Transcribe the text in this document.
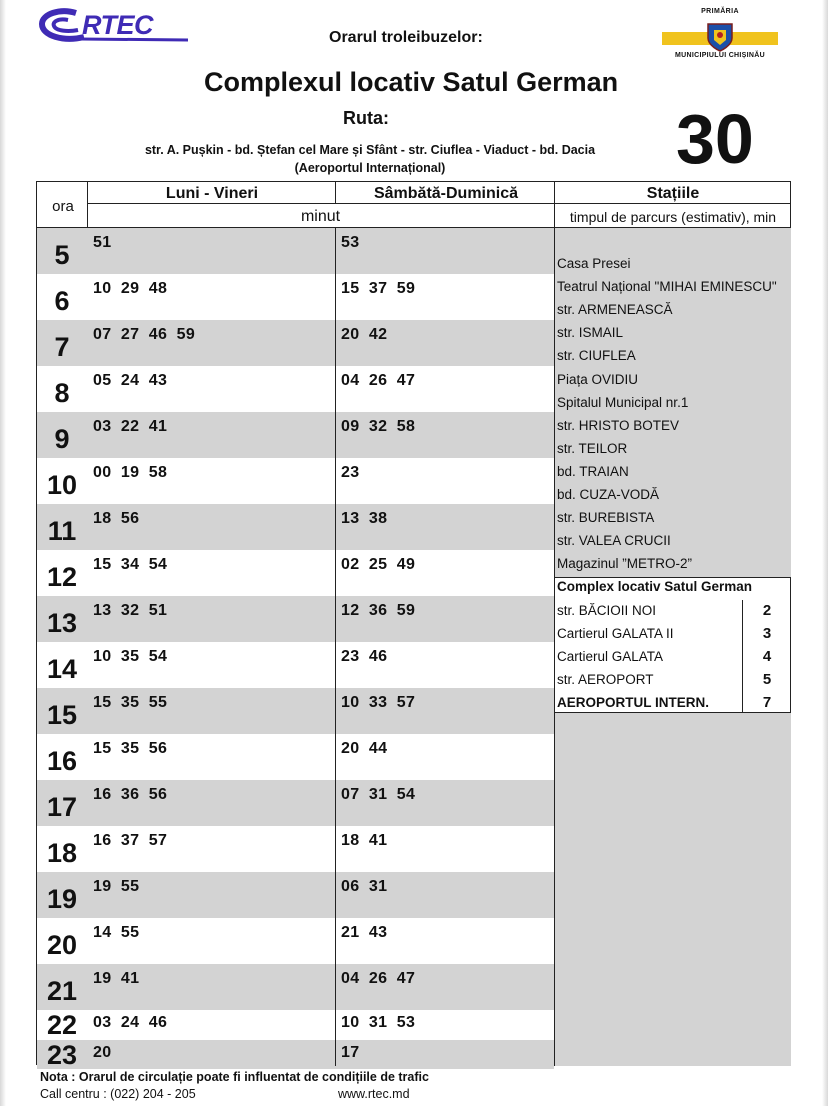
RTEC	PRIMĂRIA
MUNICIPIULUI CHIȘINĂU
Orarul troleibuzelor:
Complexul locativ Satul German
Ruta:
str. A. Pușkin - bd. Ștefan cel Mare și Sfânt - str. Ciuflea - Viaduct - bd. Dacia
(Aeroportul Internațional)	30
5	51	53
6	10  29  48	15  37  59
7	07  27  46  59	20  42
8	05  24  43	04  26  47
9	03  22  41	09  32  58
10 00  19  58	23
11	18  56	13  38
12 15  34  54	02  25  49
13 13  32  51	12  36  59
14 10  35  54	23  46
15 15  35  55	10  33  57
16 15  35  56	20  44
17 16  36  56	07  31  54
18 16  37  57	18  41
19 19  55	06  31
20 14  55	21  43
21 19  41	04  26  47
22 03  24  46	10  31  53
23 20	17
Casa Presei
Teatrul Național "MIHAI EMINESCU"
str. ARMENEASCĂ
str. ISMAIL
str. CIUFLEA
Piața OVIDIU
Spitalul Municipal nr.1
str. HRISTO BOTEV
str. TEILOR
bd. TRAIAN
bd. CUZA-VODĂ
str. BUREBISTA
str. VALEA CRUCII
Magazinul ”METRO-2”
Complex locativ Satul German
str. BĂCIOII NOI	2
Cartierul GALATA II	3
Cartierul GALATA	4
str. AEROPORT	5
AEROPORTUL INTERN.	7
ora
Luni - Vineri	Sâmbătă-Duminică	Stațiile
minut	timpul de parcurs (estimativ), min
Nota : Orarul de circulație poate fi influentat de condițiile de trafic
Call centru : (022) 204 - 205	www.rtec.md
